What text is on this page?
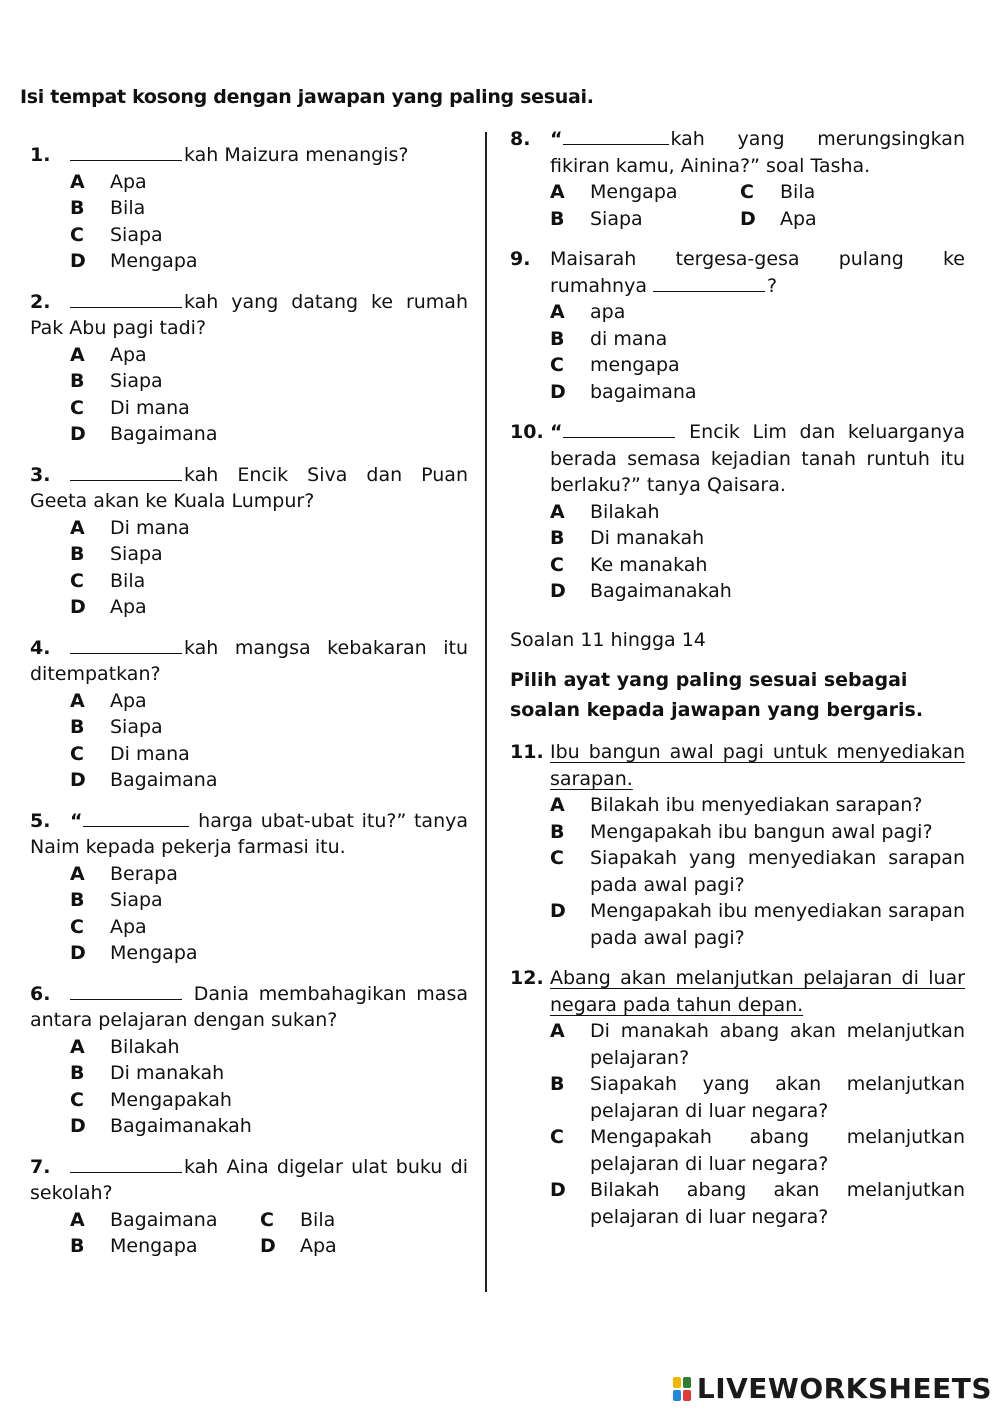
Isi tempat kosong dengan jawapan yang paling sesuai.
1.	kah Maizura menangis?
A	Apa
B	Bila
C	Siapa
D	Mengapa
2.	kah yang datang ke rumah Pak Abu pagi tadi?
A	Apa
B	Siapa
C	Di mana
D	Bagaimana
3.	kah Encik Siva dan Puan Geeta akan ke Kuala Lumpur?
A	Di mana
B	Siapa
C	Bila
D	Apa
4.	kah mangsa kebakaran itu ditempatkan?
A	Apa
B	Siapa
C	Di mana
D	Bagaimana
5.	“	harga ubat-ubat itu?” tanya Naim kepada pekerja farmasi itu.
A	Berapa
B	Siapa
C	Apa
D	Mengapa
6.	Dania membahagikan masa antara pelajaran dengan sukan?
A	Bilakah
B	Di manakah
C	Mengapakah
D	Bagaimanakah
7.	kah Aina digelar ulat buku di sekolah?
A	Bagaimana C	Bila
B	Mengapa	D	Apa
8.	“	kah yang merungsingkan fikiran kamu, Ainina?” soal Tasha.
A	Mengapa	C	Bila
B	Siapa	D	Apa
9.	Maisarah tergesa-gesa pulang ke rumahnya	?
A	apa
B	di mana
C	mengapa
D	bagaimana
10. “	Encik Lim dan keluarganya berada semasa kejadian tanah runtuh itu berlaku?” tanya Qaisara.
A	Bilakah
B	Di manakah
C	Ke manakah
D	Bagaimanakah
Soalan 11 hingga 14
Pilih ayat yang paling sesuai sebagai soalan kepada jawapan yang bergaris.
11. Ibu bangun awal pagi untuk menyediakan sarapan.
A	Bilakah ibu menyediakan sarapan?
B	Mengapakah ibu bangun awal pagi?
C	Siapakah yang menyediakan sarapan pada awal pagi?
D	Mengapakah ibu menyediakan sarapan pada awal pagi?
12. Abang akan melanjutkan pelajaran di luar negara pada tahun depan.
A	Di manakah abang akan melanjutkan pelajaran?
B	Siapakah yang akan melanjutkan pelajaran di luar negara?
C	Mengapakah abang melanjutkan pelajaran di luar negara?
D	Bilakah abang akan melanjutkan pelajaran di luar negara?
LIVEWORKSHEETS
